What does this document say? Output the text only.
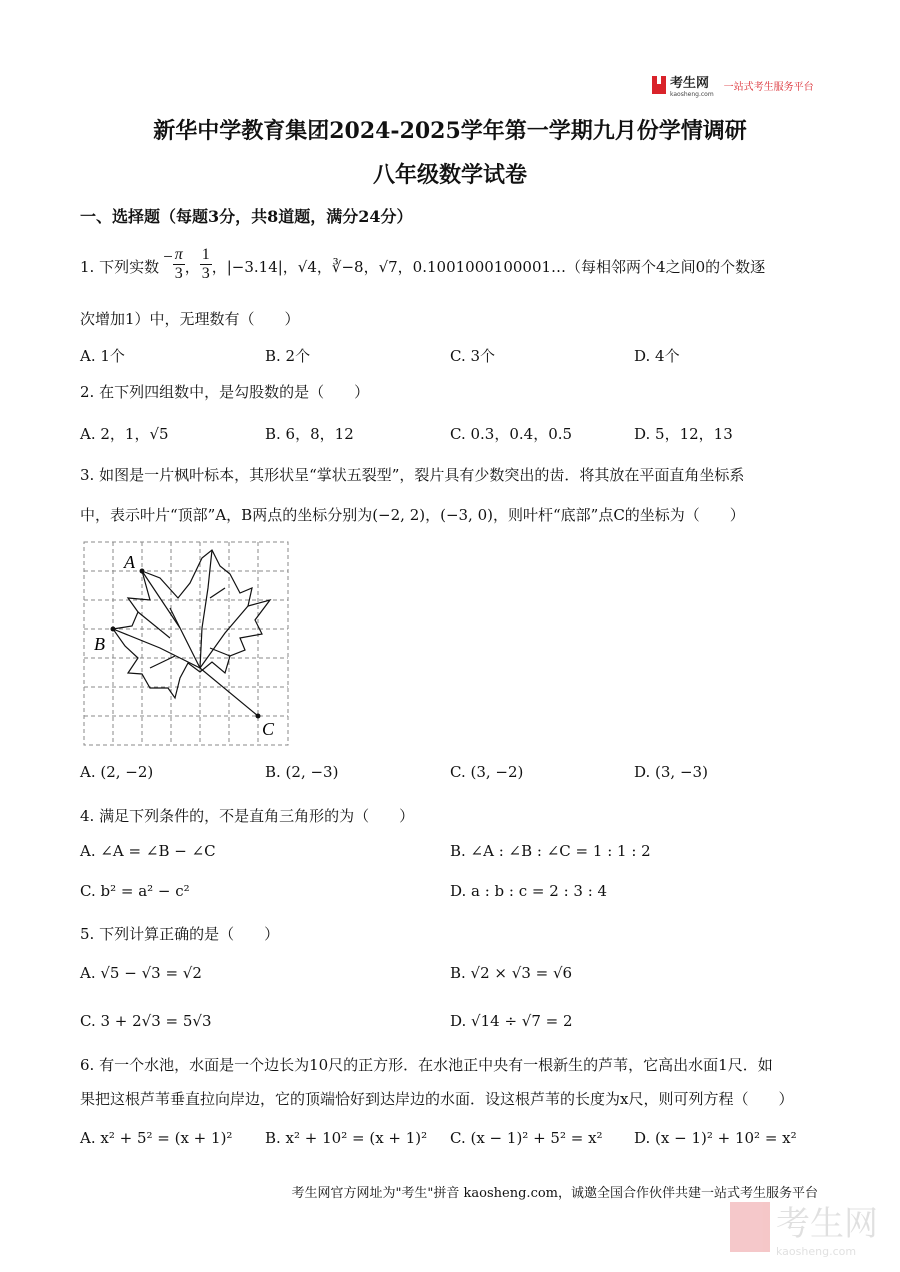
考生网
kaosheng.com
一站式考生服务平台
新华中学教育集团2024-2025学年第一学期九月份学情调研
八年级数学试卷
一、选择题（每题3分，共8道题，满分24分）
1. 下列实数
− $\frac{\pi}{3}$ ， $\frac{1}{3}$ ，|−3.14|，√4，∛−8，√7，0.1001000100001…（每相邻两个4之间0的个数逐
次增加1）中，无理数有（　　）
A. 1个	B. 2个	C. 3个	D. 4个
2. 在下列四组数中，是勾股数的是（　　）
A. 2，1，√5	B. 6，8，12	C. 0.3，0.4，0.5	D. 5，12，13
3. 如图是一片枫叶标本，其形状呈“掌状五裂型”，裂片具有少数突出的齿．将其放在平面直角坐标系
中，表示叶片“顶部”A，B两点的坐标分别为(−2, 2)，(−3, 0)，则叶杆“底部”点C的坐标为（　　）
A
B
C
A. (2, −2)	B. (2, −3)	C. (3, −2)	D. (3, −3)
4. 满足下列条件的，不是直角三角形的为（　　）
A. ∠A = ∠B − ∠C	B. ∠A : ∠B : ∠C = 1 : 1 : 2
C. b² = a² − c²	D. a : b : c = 2 : 3 : 4
5. 下列计算正确的是（　　）
A. √5 − √3 = √2	B. √2 × √3 = √6
C. 3 + 2√3 = 5√3	D. √14 ÷ √7 = 2
6. 有一个水池，水面是一个边长为10尺的正方形．在水池正中央有一根新生的芦苇，它高出水面1尺．如
果把这根芦苇垂直拉向岸边，它的顶端恰好到达岸边的水面．设这根芦苇的长度为x尺，则可列方程（　　）
A. x² + 5² = (x + 1)² B. x² + 10² = (x + 1)² C. (x − 1)² + 5² = x² D. (x − 1)² + 10² = x²
考生网官方网址为"考生"拼音 kaosheng.com，诚邀全国合作伙伴共建一站式考生服务平台
考生网
kaosheng.com
